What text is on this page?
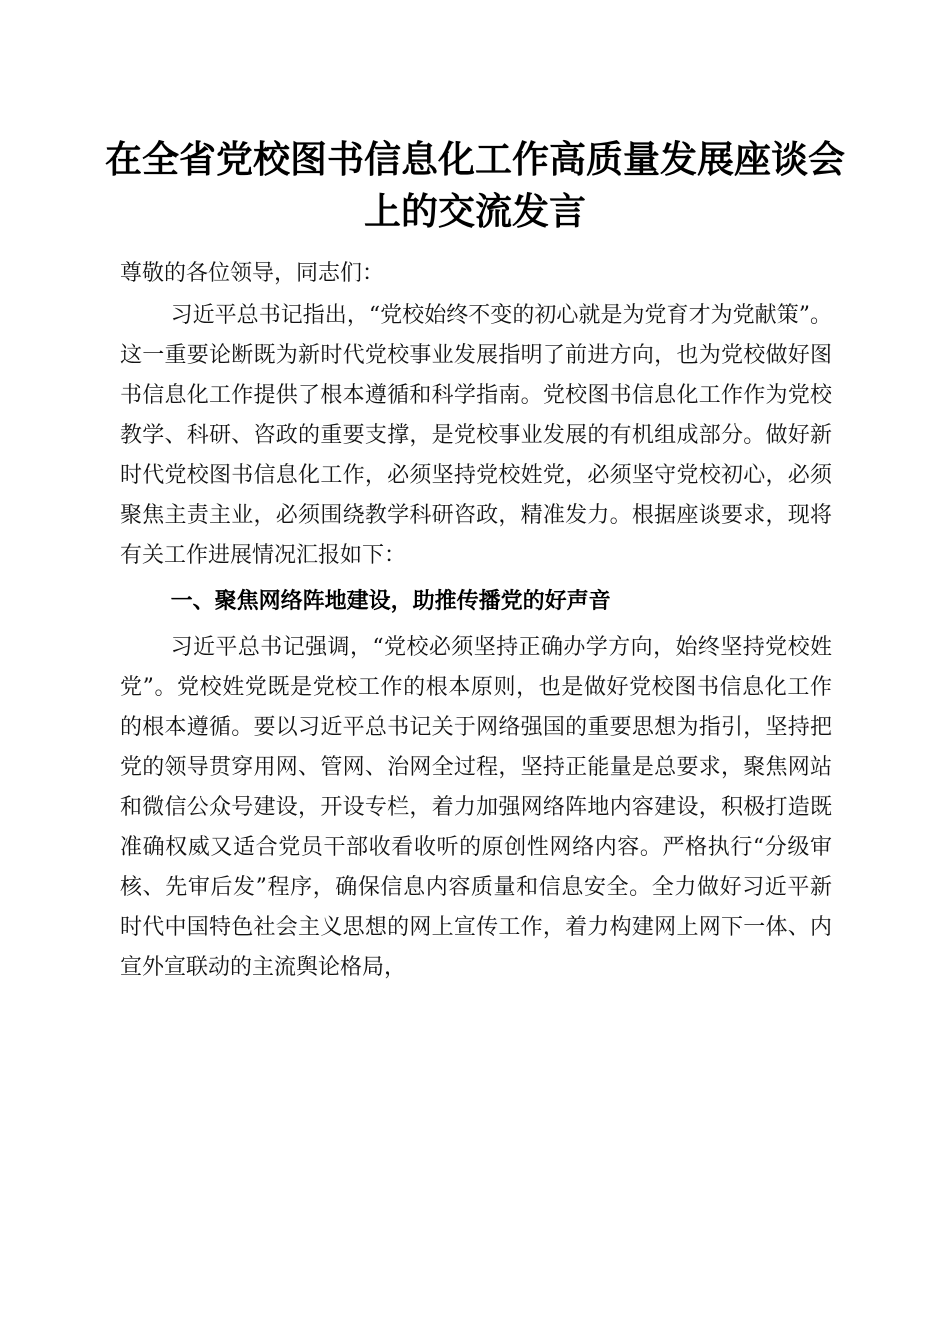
在全省党校图书信息化工作高质量发展座谈会上的交流发言

尊敬的各位领导，同志们：

习近平总书记指出，“党校始终不变的初心就是为党育才为党献策”。这一重要论断既为新时代党校事业发展指明了前进方向，也为党校做好图书信息化工作提供了根本遵循和科学指南。党校图书信息化工作作为党校教学、科研、咨政的重要支撑，是党校事业发展的有机组成部分。做好新时代党校图书信息化工作，必须坚持党校姓党，必须坚守党校初心，必须聚焦主责主业，必须围绕教学科研咨政，精准发力。根据座谈要求，现将有关工作进展情况汇报如下：

一、聚焦网络阵地建设，助推传播党的好声音

习近平总书记强调，“党校必须坚持正确办学方向，始终坚持党校姓党”。党校姓党既是党校工作的根本原则，也是做好党校图书信息化工作的根本遵循。要以习近平总书记关于网络强国的重要思想为指引，坚持把党的领导贯穿用网、管网、治网全过程，坚持正能量是总要求，聚焦网站和微信公众号建设，开设专栏，着力加强网络阵地内容建设，积极打造既准确权威又适合党员干部收看收听的原创性网络内容。严格执行“分级审核、先审后发”程序，确保信息内容质量和信息安全。全力做好习近平新时代中国特色社会主义思想的网上宣传工作，着力构建网上网下一体、内宣外宣联动的主流舆论格局，
